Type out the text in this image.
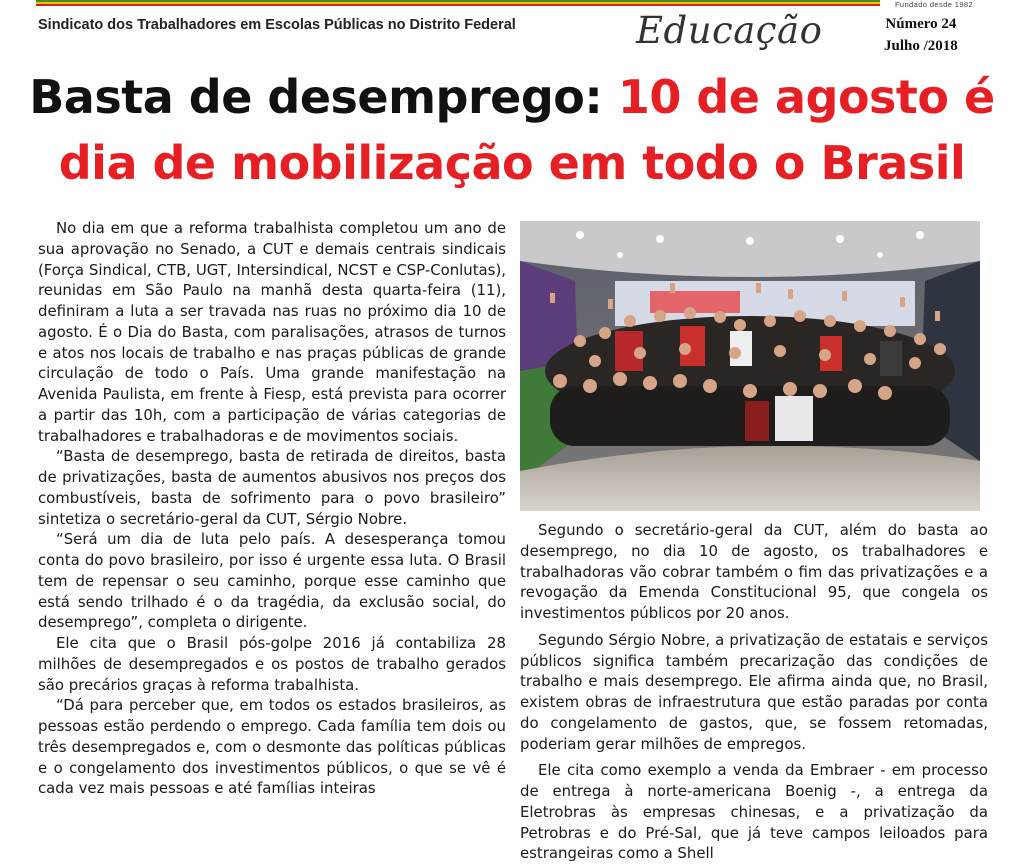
Fundado desde 1982
Sindicato dos Trabalhadores em Escolas Públicas no Distrito Federal	Educação	Número 24
Julho /2018
Basta de desemprego: 10 de agosto é dia de mobilização em todo o Brasil

No dia em que a reforma trabalhista completou um ano de sua aprovação no Senado, a CUT e demais centrais sindicais (Força Sindical, CTB, UGT, Intersindical, NCST e CSP-Conlutas), reunidas em São Paulo na manhã desta quarta-feira (11), definiram a luta a ser travada nas ruas no próximo dia 10 de agosto. É o Dia do Basta, com paralisações, atrasos de turnos e atos nos locais de trabalho e nas praças públicas de grande circulação de todo o País. Uma grande manifestação na Avenida Paulista, em frente à Fiesp, está prevista para ocorrer a partir das 10h, com a participação de várias categorias de trabalhadores e trabalhadoras e de movimentos sociais.

“Basta de desemprego, basta de retirada de direitos, basta de privatizações, basta de aumentos abusivos nos preços dos combustíveis, basta de sofrimento para o povo brasileiro” sintetiza o secretário-geral da CUT, Sérgio Nobre.

“Será um dia de luta pelo país. A desesperança tomou conta do povo brasileiro, por isso é urgente essa luta. O Brasil tem de repensar o seu caminho, porque esse caminho que está sendo trilhado é o da tragédia, da exclusão social, do desemprego”, completa o dirigente.

Ele cita que o Brasil pós-golpe 2016 já contabiliza 28 milhões de desempregados e os postos de trabalho gerados são precários graças à reforma trabalhista.

“Dá para perceber que, em todos os estados brasileiros, as pessoas estão perdendo o emprego. Cada família tem dois ou três desempregados e, com o desmonte das políticas públicas e o congelamento dos investimentos públicos, o que se vê é cada vez mais pessoas e até famílias inteiras

Segundo o secretário-geral da CUT, além do basta ao desemprego, no dia 10 de agosto, os trabalhadores e trabalhadoras vão cobrar também o fim das privatizações e a revogação da Emenda Constitucional 95, que congela os investimentos públicos por 20 anos.

Segundo Sérgio Nobre, a privatização de estatais e serviços públicos significa também precarização das condições de trabalho e mais desemprego. Ele afirma ainda que, no Brasil, existem obras de infraestrutura que estão paradas por conta do congelamento de gastos, que, se fossem retomadas, poderiam gerar milhões de empregos.

Ele cita como exemplo a venda da Embraer - em processo de entrega à norte-americana Boenig -, a entrega da Eletrobras às empresas chinesas, e a privatização da Petrobras e do Pré-Sal, que já teve campos leiloados para estrangeiras como a Shell
